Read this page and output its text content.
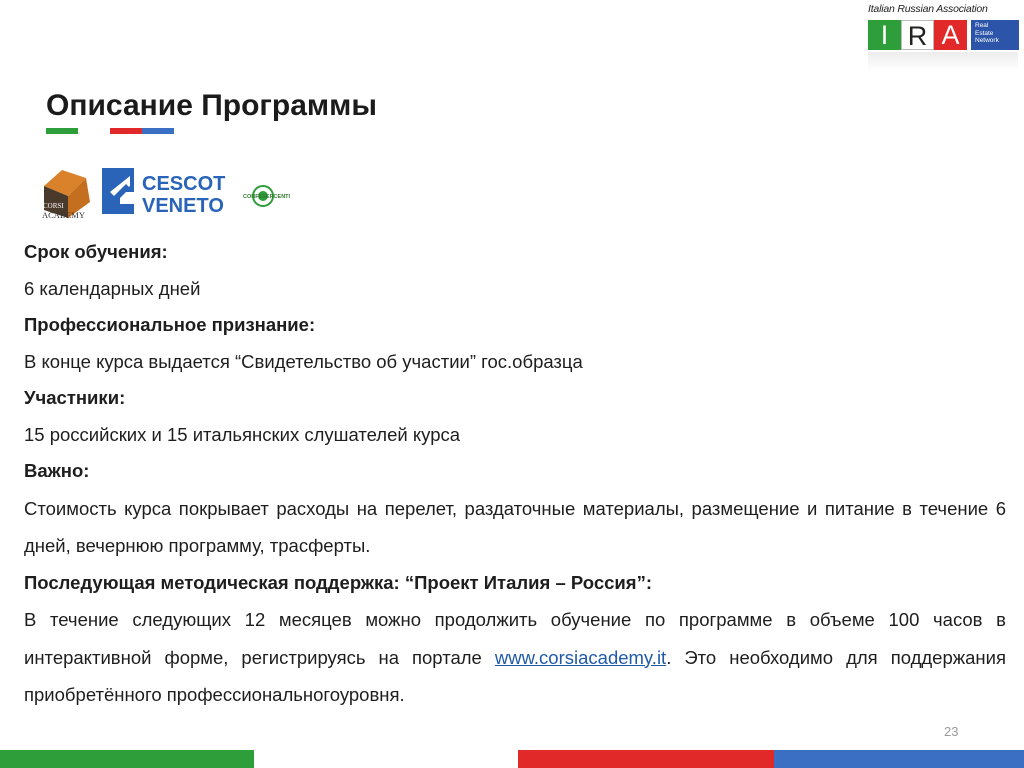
Italian Russian Association
I R A	Real
Estate
Network
Описание Программы
CORSI
ACADEMY
CESCOT
VENETO	CONFESERCENTI

Срок обучения:

6 календарных дней

Профессиональное признание:

В конце курса выдается “Свидетельство об участии” гос.образца

Участники:

15 российских и 15 итальянских слушателей курса

Важно:

Стоимость курса покрывает расходы на перелет, раздаточные материалы, размещение и питание в течение 6 дней, вечернюю программу, трасферты.

Последующая методическая поддержка: “Проект Италия – Россия”:

В течение следующих 12 месяцев можно продолжить обучение по программе в объеме 100 часов в интерактивной форме, регистрируясь на портале www.corsiacademy.it. Это необходимо для поддержания приобретённого профессиональногоуровня.
23
